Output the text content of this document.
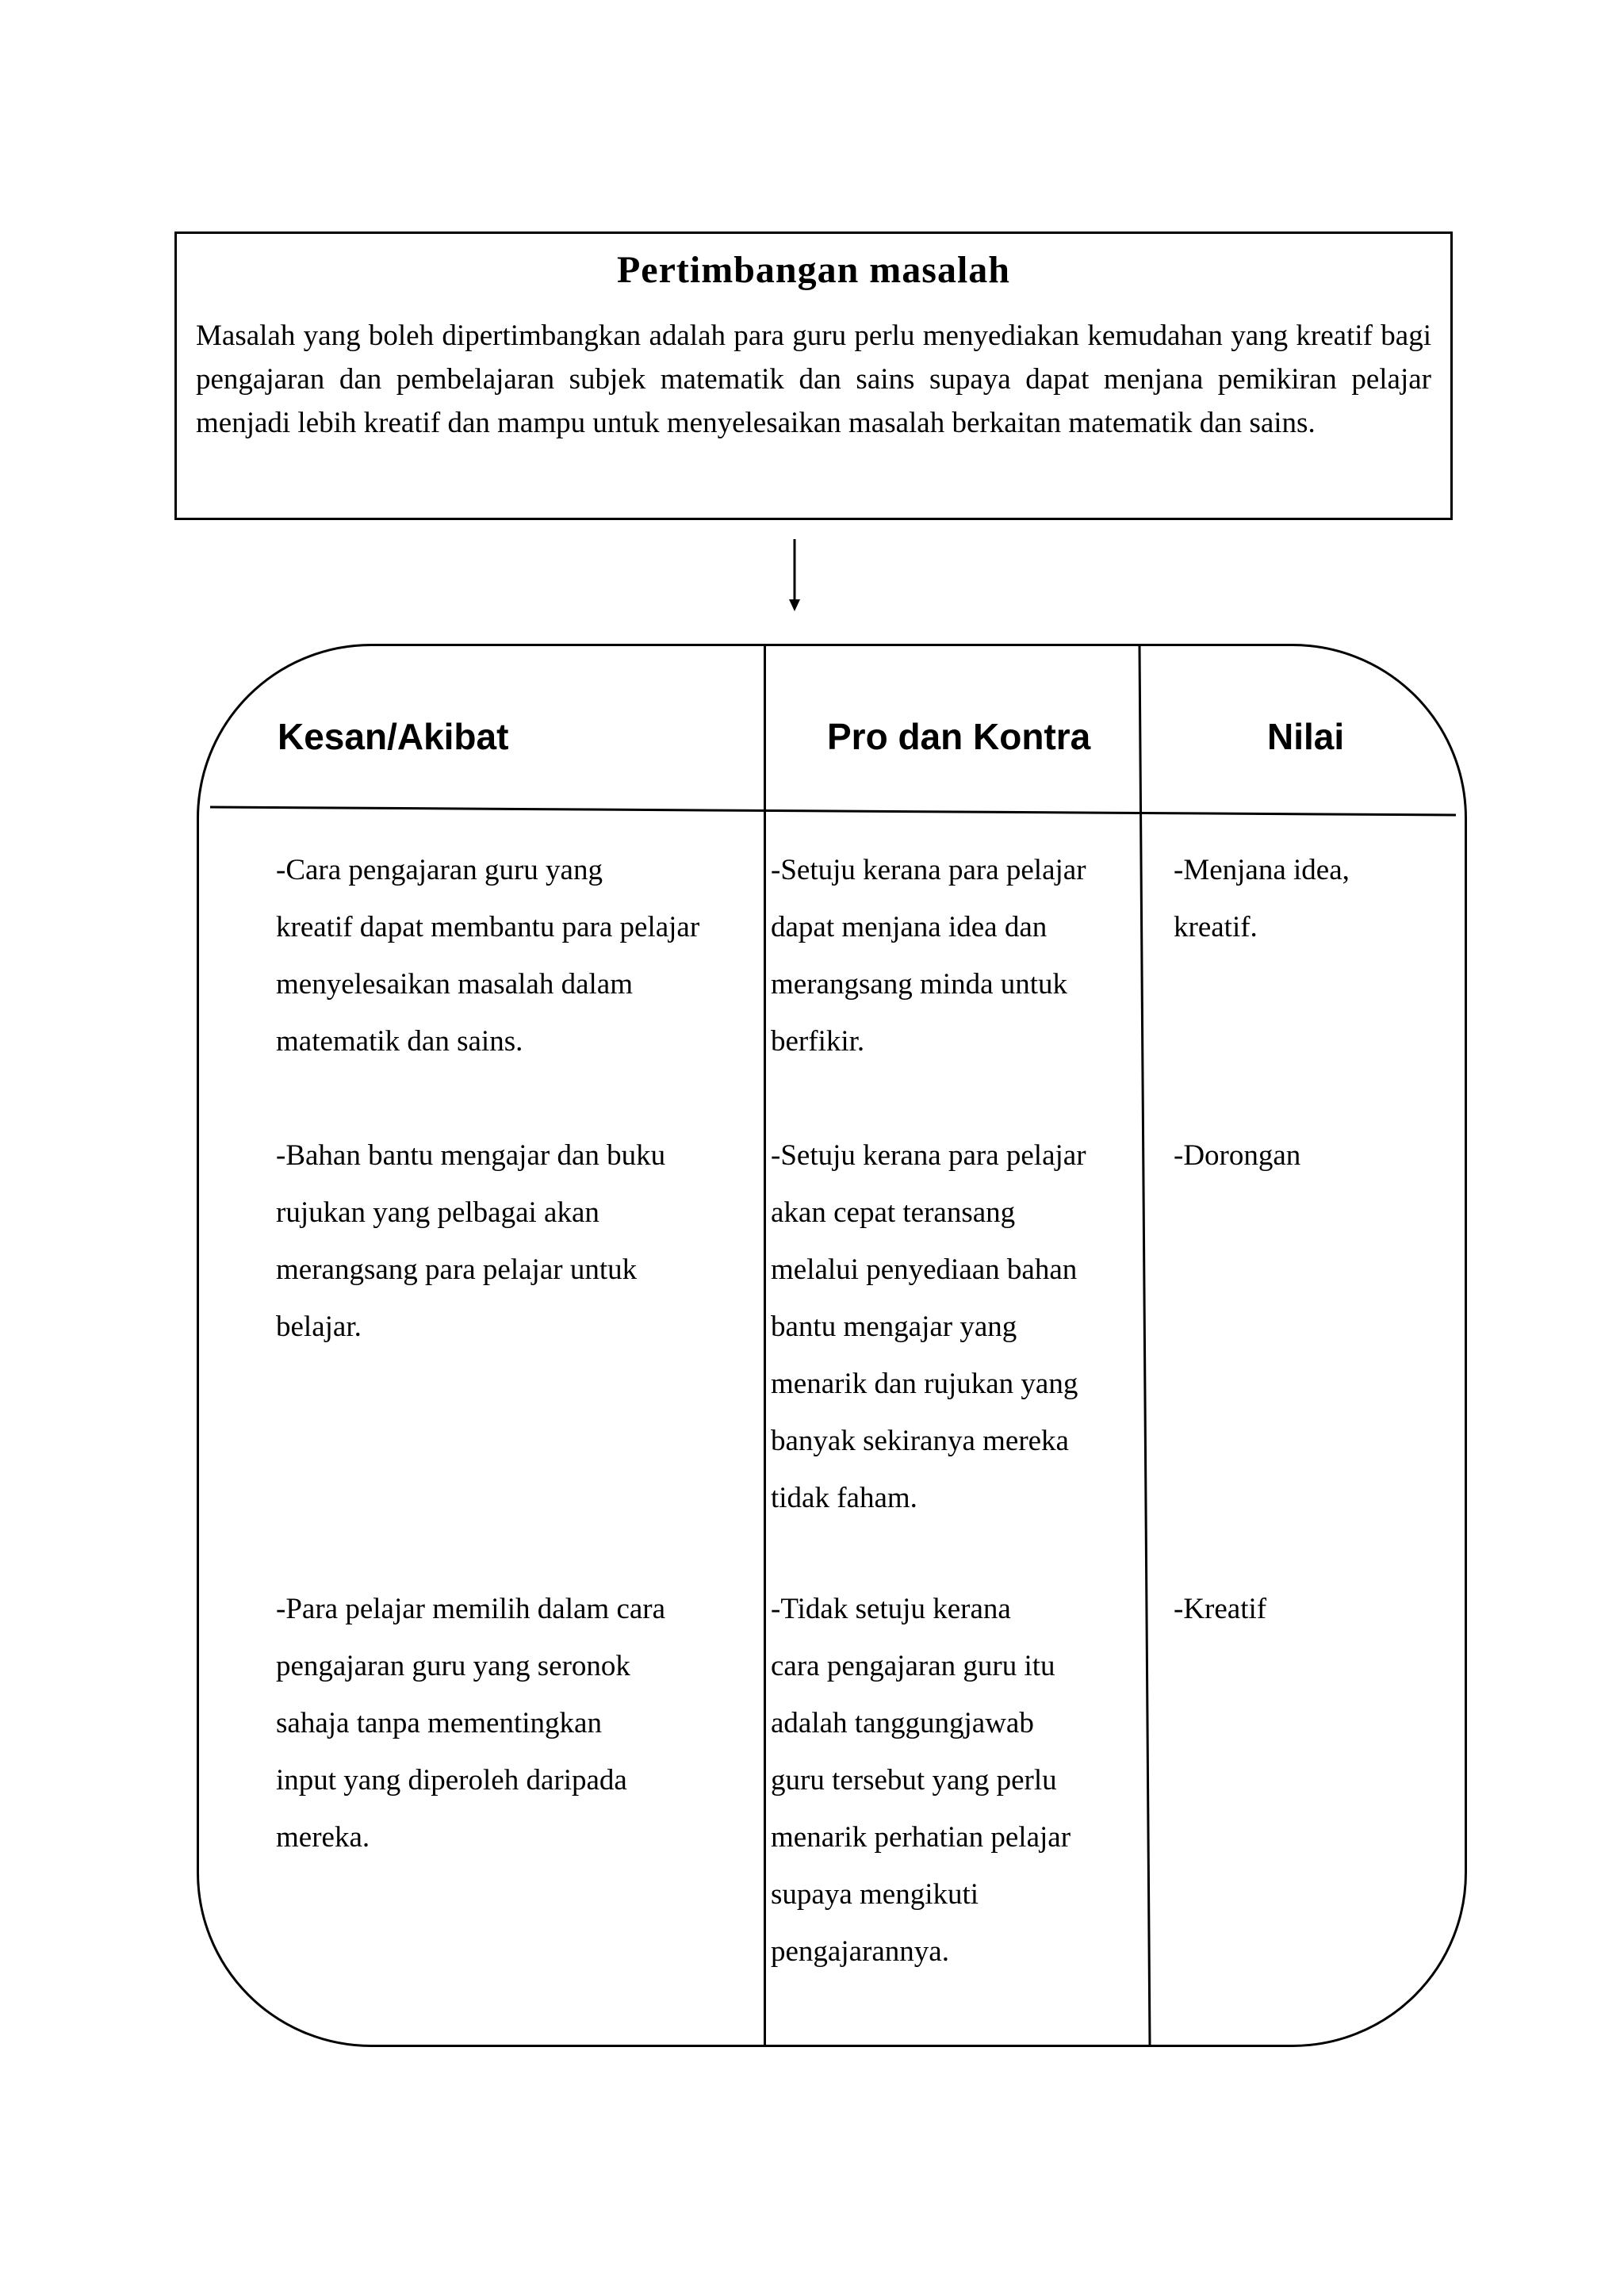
Pertimbangan masalah

Masalah yang boleh dipertimbangkan adalah para guru perlu menyediakan kemudahan yang kreatif bagi pengajaran dan pembelajaran subjek matematik dan sains supaya dapat menjana pemikiran pelajar menjadi lebih kreatif dan mampu untuk menyelesaikan masalah berkaitan matematik dan sains.

Kesan/Akibat	Pro dan Kontra	Nilai
-Cara pengajaran guru yang
kreatif dapat membantu para pelajar
menyelesaikan masalah dalam
matematik dan sains.
-Setuju kerana para pelajar
dapat menjana idea dan
merangsang minda untuk
berfikir.
-Menjana idea,
kreatif.
-Bahan bantu mengajar dan buku
rujukan yang pelbagai akan
merangsang para pelajar untuk
belajar.
-Setuju kerana para pelajar
akan cepat teransang
melalui penyediaan bahan
bantu mengajar yang
menarik dan rujukan yang
banyak sekiranya mereka
tidak faham.
-Dorongan
-Para pelajar memilih dalam cara
pengajaran guru yang seronok
sahaja tanpa mementingkan
input yang diperoleh daripada
mereka.
-Tidak setuju kerana
cara pengajaran guru itu
adalah tanggungjawab
guru tersebut yang perlu
menarik perhatian pelajar
supaya mengikuti
pengajarannya.
-Kreatif
